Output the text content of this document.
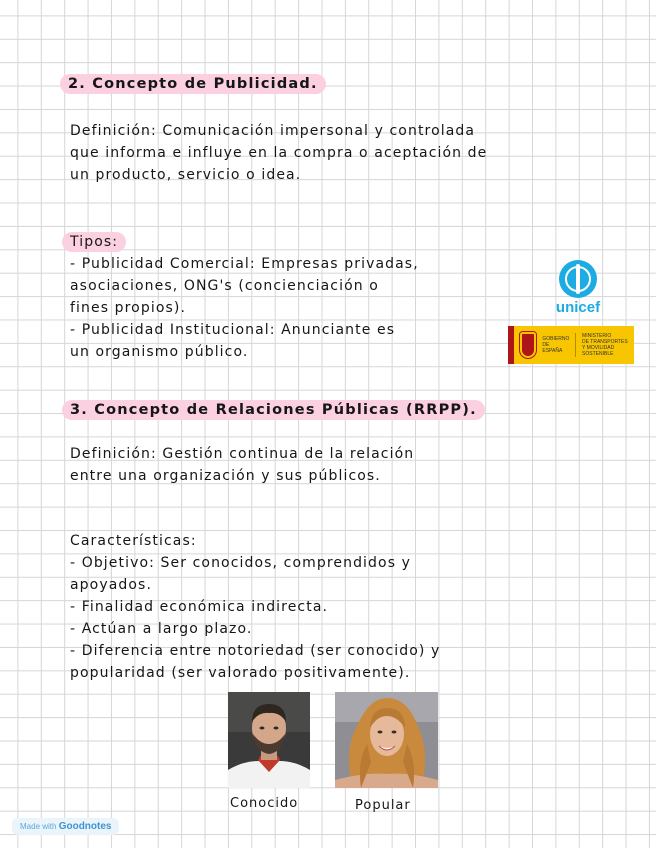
2. Concepto de Publicidad.

Definición: Comunicación impersonal y controlada
que informa e influye en la compra o aceptación de
un producto, servicio o idea.

Tipos:

- Publicidad Comercial: Empresas privadas,
asociaciones, ONG's (concienciación o
fines propios).
- Publicidad Institucional: Anunciante es
un organismo público.

unicef
GOBIERNO
DE ESPAÑA
MINISTERIO
DE TRANSPORTES
Y MOVILIDAD SOSTENIBLE
3. Concepto de Relaciones Públicas (RRPP).

Definición: Gestión continua de la relación
entre una organización y sus públicos.

Características:
- Objetivo: Ser conocidos, comprendidos y
apoyados.
- Finalidad económica indirecta.
- Actúan a largo plazo.
- Diferencia entre notoriedad (ser conocido) y
popularidad (ser valorado positivamente).

Conocido	Popular
Made with Goodnotes
